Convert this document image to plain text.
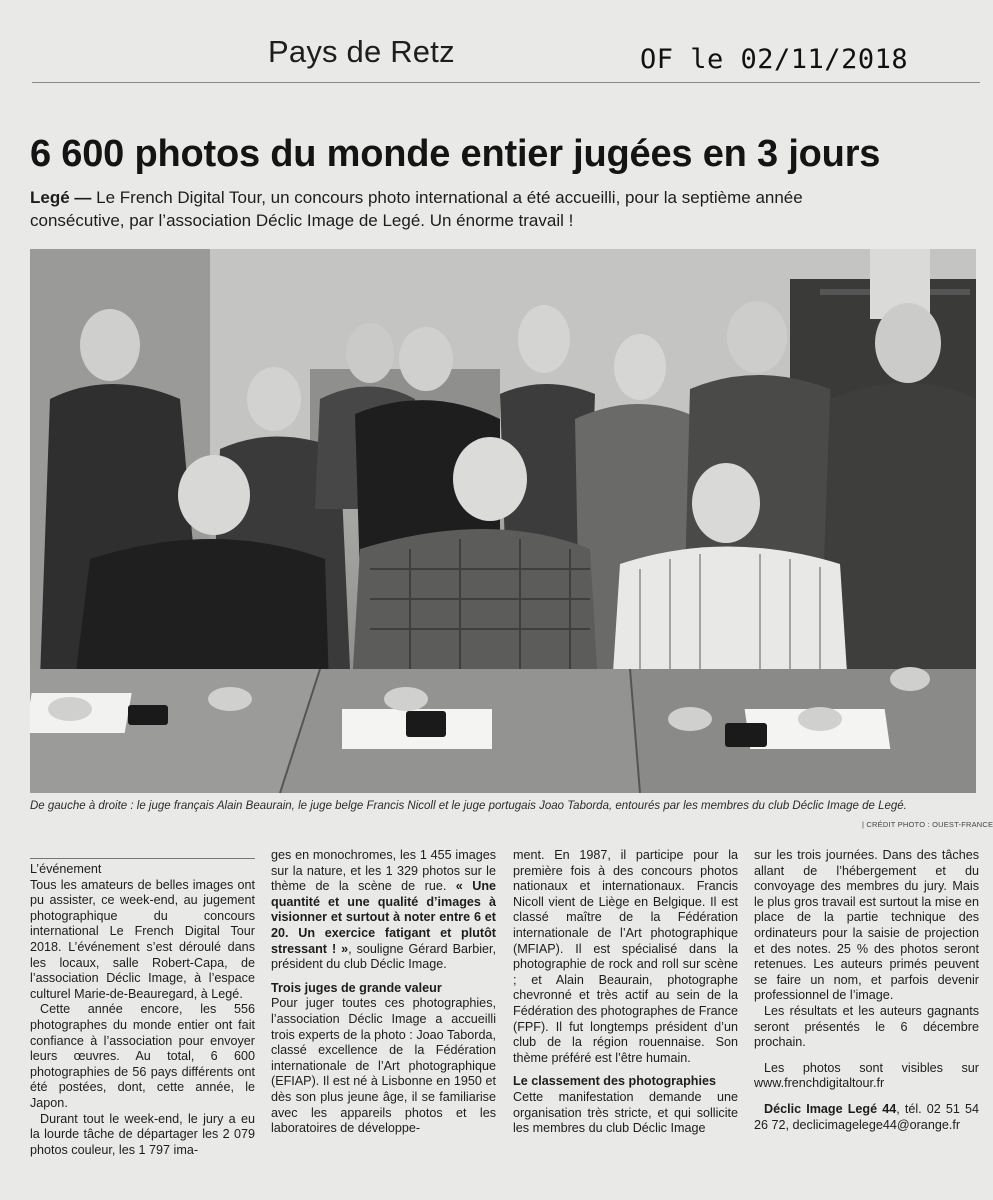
Pays de Retz	OF le 02/11/2018
6 600 photos du monde entier jugées en 3 jours
Legé — Le French Digital Tour, un concours photo international a été accueilli, pour la septième année consécutive, par l’association Déclic Image de Legé. Un énorme travail !
De gauche à droite : le juge français Alain Beaurain, le juge belge Francis Nicoll et le juge portugais Joao Taborda, entourés par les membres du club Déclic Image de Legé.
| CRÉDIT PHOTO : OUEST-FRANCE

L’événement

Tous les amateurs de belles images ont pu assister, ce week-end, au jugement photographique du concours international Le French Digital Tour 2018. L’événement s’est déroulé dans les locaux, salle Robert-Capa, de l’association Déclic Image, à l’espace culturel Marie-de-Beauregard, à Legé.

Cette année encore, les 556 photographes du monde entier ont fait confiance à l’association pour envoyer leurs œuvres. Au total, 6 600 photographies de 56 pays différents ont été postées, dont, cette année, le Japon.

Durant tout le week-end, le jury a eu la lourde tâche de départager les 2 079 photos couleur, les 1 797 ima-

ges en monochromes, les 1 455 images sur la nature, et les 1 329 photos sur le thème de la scène de rue. « Une quantité et une qualité d’images à visionner et surtout à noter entre 6 et 20. Un exercice fatigant et plutôt stressant ! », souligne Gérard Barbier, président du club Déclic Image.

Trois juges de grande valeur

Pour juger toutes ces photographies, l’association Déclic Image a accueilli trois experts de la photo : Joao Taborda, classé excellence de la Fédération internationale de l’Art photographique (EFIAP). Il est né à Lisbonne en 1950 et dès son plus jeune âge, il se familiarise avec les appareils photos et les laboratoires de développe-

ment. En 1987, il participe pour la première fois à des concours photos nationaux et internationaux. Francis Nicoll vient de Liège en Belgique. Il est classé maître de la Fédération internationale de l’Art photographique (MFIAP). Il est spécialisé dans la photographie de rock and roll sur scène ; et Alain Beaurain, photographe chevronné et très actif au sein de la Fédération des photographes de France (FPF). Il fut longtemps président d’un club de la région rouennaise. Son thème préféré est l’être humain.

Le classement des photographies

Cette manifestation demande une organisation très stricte, et qui sollicite les membres du club Déclic Image

sur les trois journées. Dans des tâches allant de l’hébergement et du convoyage des membres du jury. Mais le plus gros travail est surtout la mise en place de la partie technique des ordinateurs pour la saisie de projection et des notes. 25 % des photos seront retenues. Les auteurs primés peuvent se faire un nom, et parfois devenir professionnel de l’image.

Les résultats et les auteurs gagnants seront présentés le 6 décembre prochain.

Les photos sont visibles sur www.frenchdigitaltour.fr

Déclic Image Legé 44, tél. 02 51 54 26 72, declicimagelege44@orange.fr
